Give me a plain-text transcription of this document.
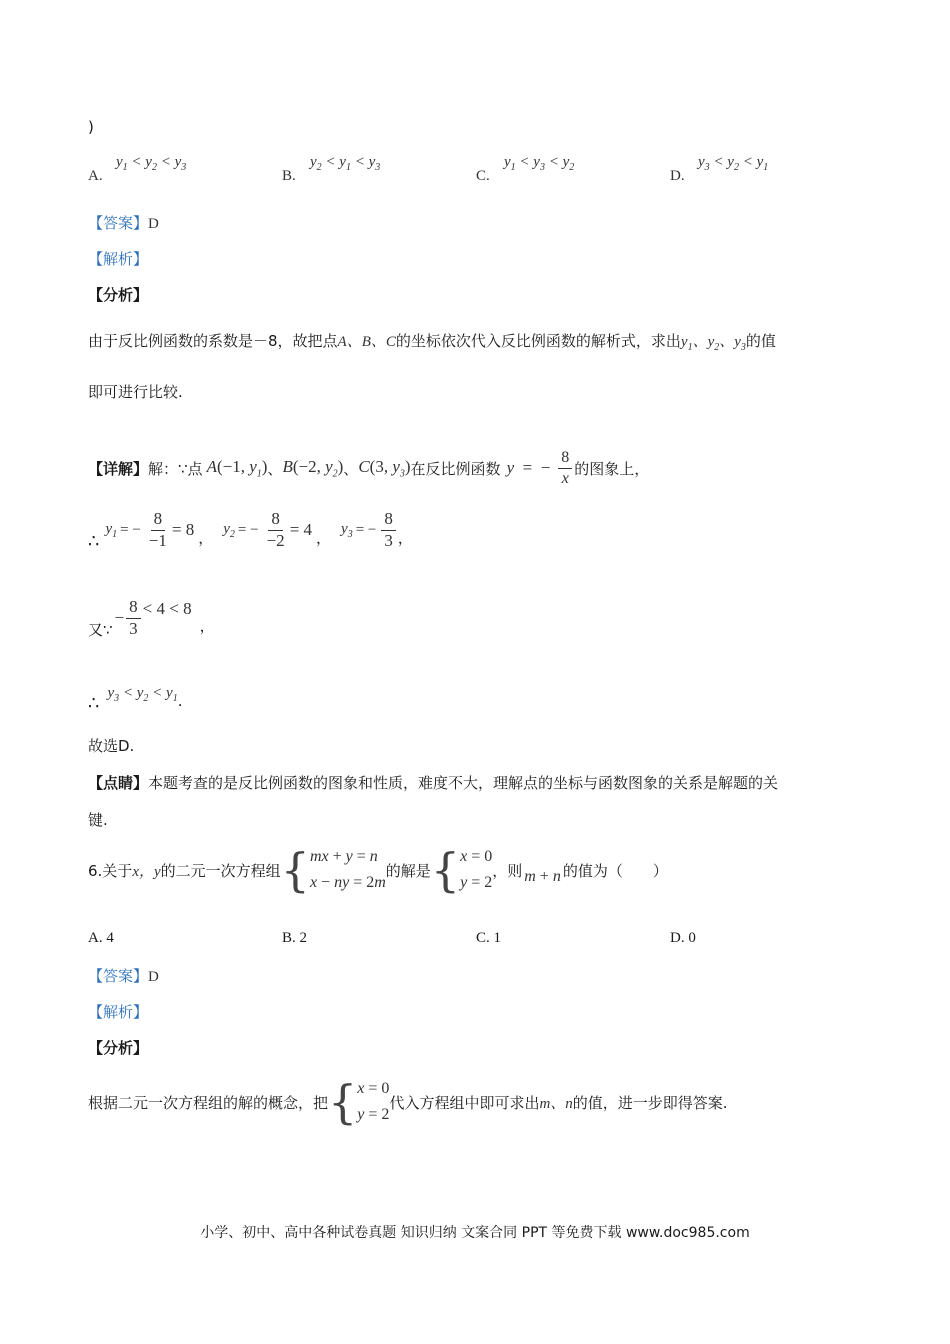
)
A.
$y_1 < y_2 < y_3$
B.
$y_2 < y_1 < y_3$
C.
$y_1 < y_3 < y_2$
D.
$y_3 < y_2 < y_1$
【答案】D
【解析】
【分析】
由于反比例函数的系数是－8，故把点A、B、C的坐标依次代入反比例函数的解析式，求出$y_1$、$y_2$、$y_3$的值
即可进行比较.
【详解】 解：∵点 A(−1, $y_1$) 、 B(−2, $y_2$) 、 C(3, $y_3$) 在反比例函数 y  =  − $\frac{8}{x}$ 的图象上，
∴
$y_1$ = − $\frac{8}{-1} = 8$ ， $y_2$ = − $\frac{8}{-2} = 4$ ， $y_3$ = − $\frac{8}{3}$ ，
又∵
− $\frac{8}{3} < 4 < 8$
，
∴ $y_3 < y_2 < y_1$ .
故选D.
【点睛】本题考查的是反比例函数的图象和性质，难度不大，理解点的坐标与函数图象的关系是解题的关
键.
6.关于 x，y 的二元一次方程组 { mx + y = n
x − ny = 2m
的解是 { x = 0
y = 2
，则 m + n 的值为（　　）
A. 4	B. 2	C. 1	D. 0
【答案】D
【解析】
【分析】
根据二元一次方程组的解的概念，把 { x = 0
y = 2
代入方程组中即可求出 m、n 的值，进一步即得答案.
小学、初中、高中各种试卷真题 知识归纳 文案合同 PPT 等免费下载 www.doc985.com
